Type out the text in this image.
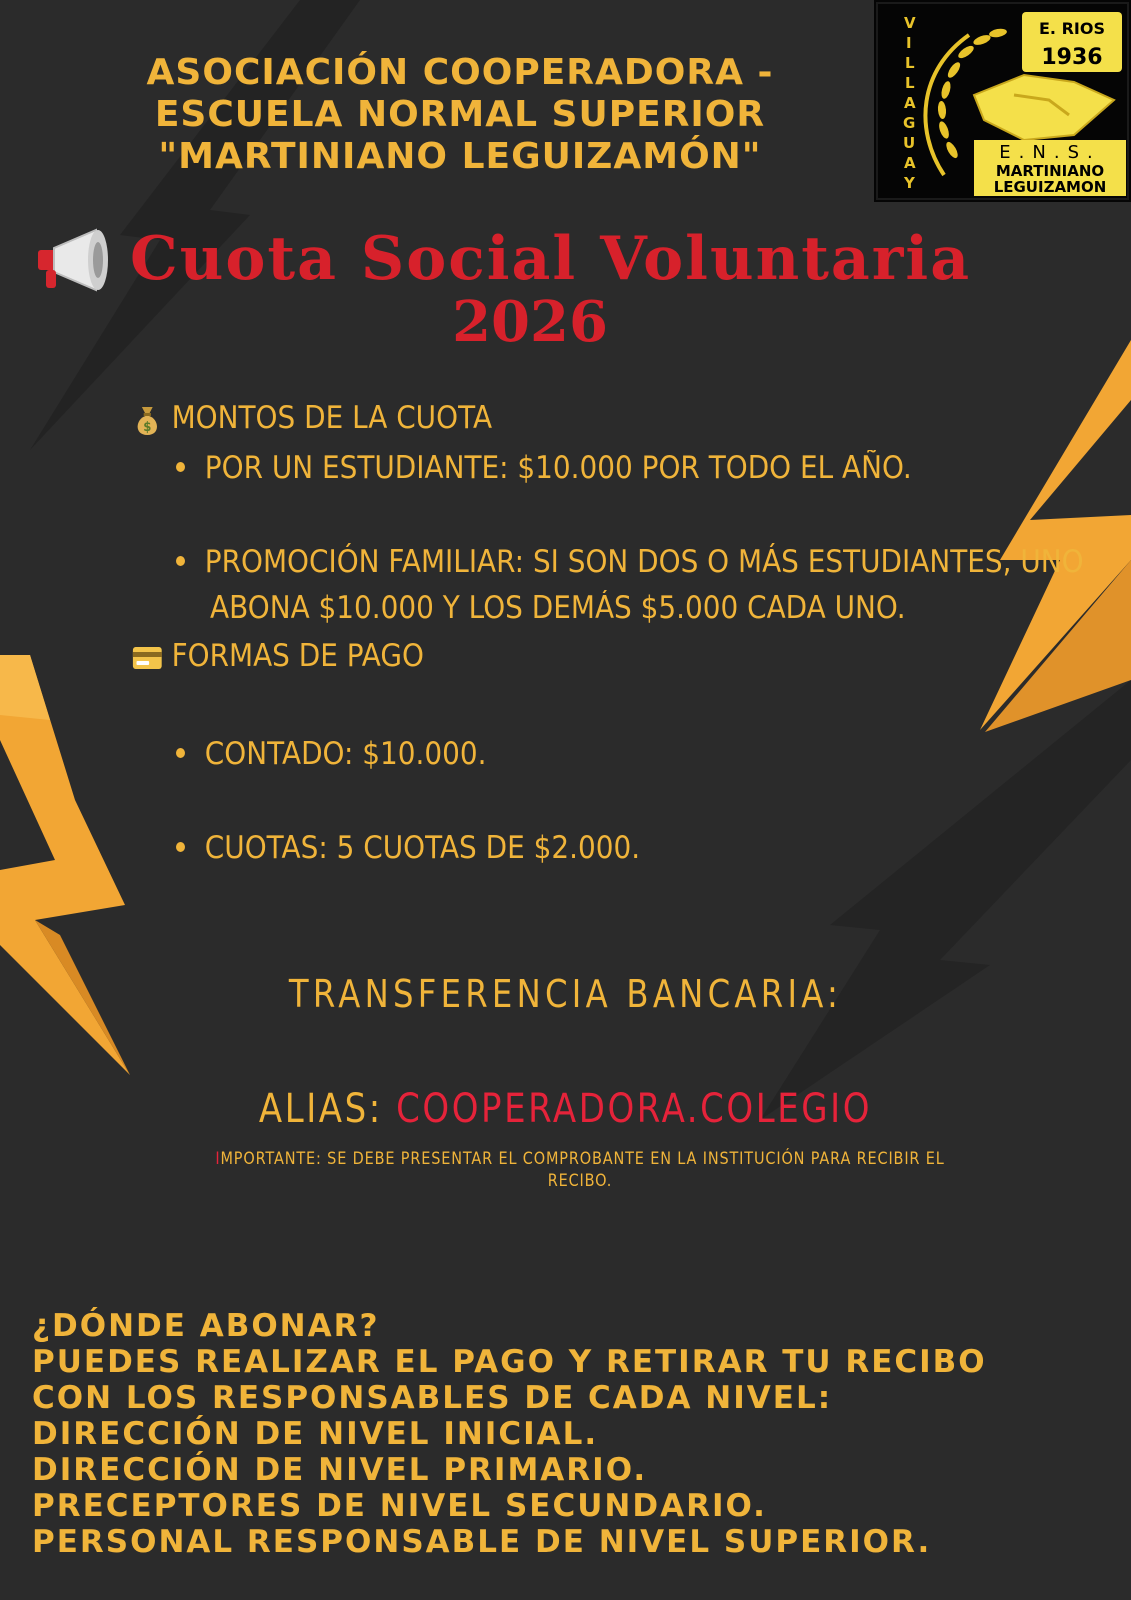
ASOCIACIÓN COOPERADORA -
ESCUELA NORMAL SUPERIOR
"MARTINIANO LEGUIZAMÓN"
V I L L A G U A Y
E. RIOS
1936
E.N.S.
MARTINIANO
LEGUIZAMON
Cuota Social Voluntaria
2026
$ MONTOS DE LA CUOTA
POR UN ESTUDIANTE: $10.000 POR TODO EL AÑO.
PROMOCIÓN FAMILIAR: SI SON DOS O MÁS ESTUDIANTES, UNO
ABONA $10.000 Y LOS DEMÁS $5.000 CADA UNO.
FORMAS DE PAGO
CONTADO: $10.000.
CUOTAS: 5 CUOTAS DE $2.000.
TRANSFERENCIA BANCARIA:
ALIAS: COOPERADORA.COLEGIO
IMPORTANTE: SE DEBE PRESENTAR EL COMPROBANTE EN LA INSTITUCIÓN PARA RECIBIR EL
RECIBO.
¿DÓNDE ABONAR?
PUEDES REALIZAR EL PAGO Y RETIRAR TU RECIBO
CON LOS RESPONSABLES DE CADA NIVEL:
DIRECCIÓN DE NIVEL INICIAL.
DIRECCIÓN DE NIVEL PRIMARIO.
PRECEPTORES DE NIVEL SECUNDARIO.
PERSONAL RESPONSABLE DE NIVEL SUPERIOR.
